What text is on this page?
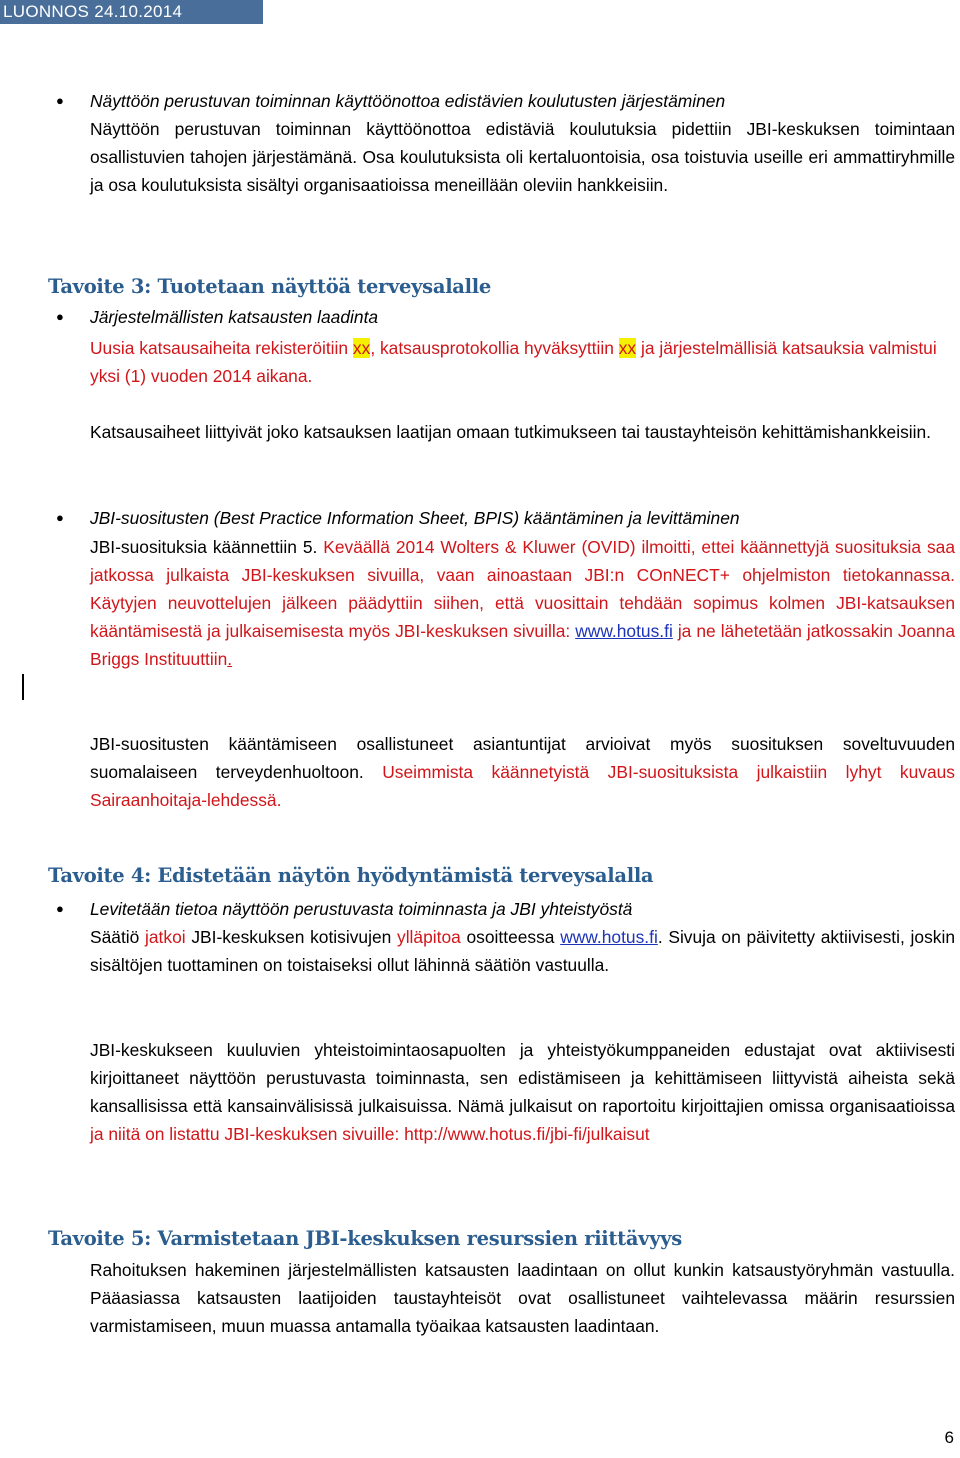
LUONNOS 24.10.2014
● Näyttöön perustuvan toiminnan käyttöönottoa edistävien koulutusten järjestäminen
Näyttöön perustuvan toiminnan käyttöönottoa edistäviä koulutuksia pidettiin JBI-keskuksen toimintaan osallistuvien tahojen järjestämänä. Osa koulutuksista oli kertaluontoisia, osa toistuvia useille eri ammattiryhmille ja osa koulutuksista sisältyi organisaatioissa meneillään oleviin hankkeisiin.
Tavoite 3: Tuotetaan näyttöä terveysalalle
● Järjestelmällisten katsausten laadinta
Uusia katsausaiheita rekisteröitiin xx, katsausprotokollia hyväksyttiin xx ja järjestelmällisiä katsauksia valmistui yksi (1) vuoden 2014 aikana.
Katsausaiheet liittyivät joko katsauksen laatijan omaan tutkimukseen tai taustayhteisön kehittämishankkeisiin.
● JBI-suositusten (Best Practice Information Sheet, BPIS) kääntäminen ja levittäminen
JBI-suosituksia käännettiin 5. Keväällä 2014 Wolters & Kluwer (OVID) ilmoitti, ettei käännettyjä suosituksia saa jatkossa julkaista JBI-keskuksen sivuilla, vaan ainoastaan JBI:n COnNECT+ ohjelmiston tietokannassa. Käytyjen neuvottelujen jälkeen päädyttiin siihen, että vuosittain tehdään sopimus kolmen JBI-katsauksen kääntämisestä ja julkaisemisesta myös JBI-keskuksen sivuilla: www.hotus.fi ja ne lähetetään jatkossakin Joanna Briggs Instituuttiin.
JBI-suositusten kääntämiseen osallistuneet asiantuntijat arvioivat myös suosituksen soveltuvuuden suomalaiseen terveydenhuoltoon. Useimmista käännetyistä JBI-suosituksista julkaistiin lyhyt kuvaus Sairaanhoitaja-lehdessä.
Tavoite 4: Edistetään näytön hyödyntämistä terveysalalla
● Levitetään tietoa näyttöön perustuvasta toiminnasta ja JBI yhteistyöstä
Säätiö jatkoi JBI-keskuksen kotisivujen ylläpitoa osoitteessa www.hotus.fi. Sivuja on päivitetty aktiivisesti, joskin sisältöjen tuottaminen on toistaiseksi ollut lähinnä säätiön vastuulla.
JBI-keskukseen kuuluvien yhteistoimintaosapuolten ja yhteistyökumppaneiden edustajat ovat aktiivisesti kirjoittaneet näyttöön perustuvasta toiminnasta, sen edistämiseen ja kehittämiseen liittyvistä aiheista sekä kansallisissa että kansainvälisissä julkaisuissa. Nämä julkaisut on raportoitu kirjoittajien omissa organisaatioissa ja niitä on listattu JBI-keskuksen sivuille: http://www.hotus.fi/jbi-fi/julkaisut
Tavoite 5: Varmistetaan JBI-keskuksen resurssien riittävyys
Rahoituksen hakeminen järjestelmällisten katsausten laadintaan on ollut kunkin katsaustyöryhmän vastuulla. Pääasiassa katsausten laatijoiden taustayhteisöt ovat osallistuneet vaihtelevassa määrin resurssien varmistamiseen, muun muassa antamalla työaikaa katsausten laadintaan.
6
